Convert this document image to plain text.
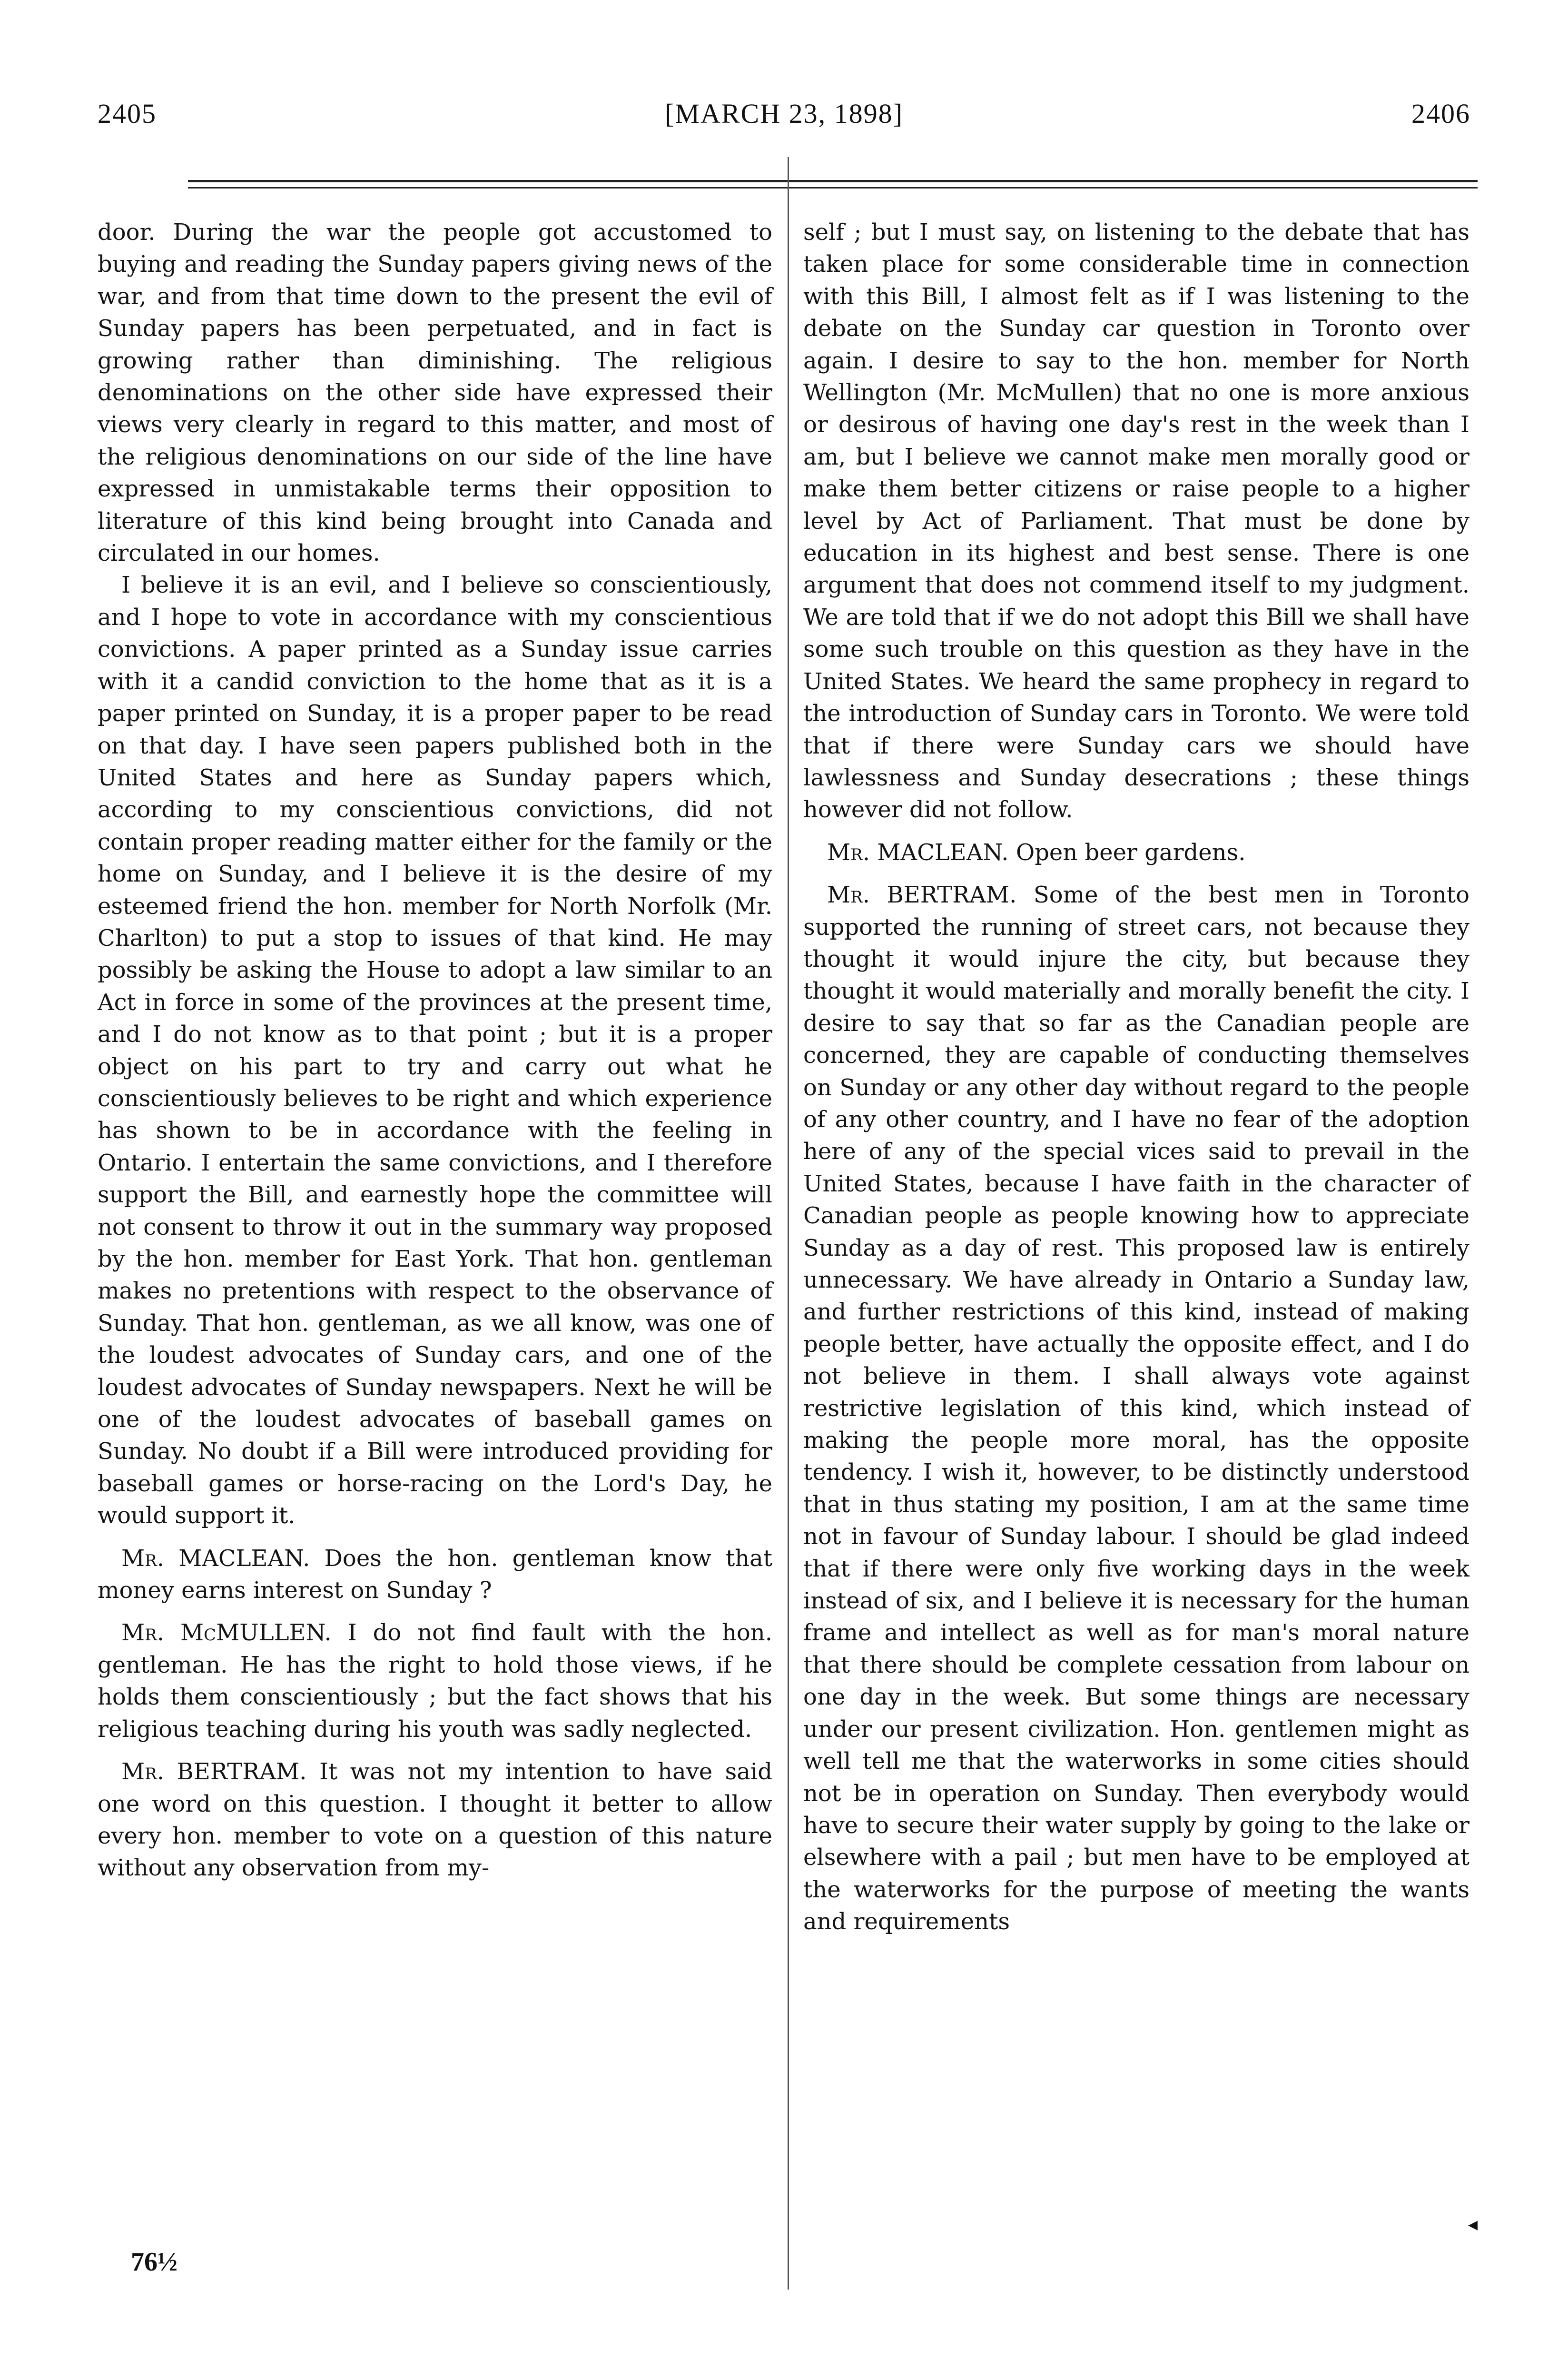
2405	[MARCH 23, 1898]	2406

door. During the war the people got accustomed to buying and reading the Sunday papers giving news of the war, and from that time down to the present the evil of Sunday papers has been perpetuated, and in fact is growing rather than diminishing. The religious denominations on the other side have expressed their views very clearly in regard to this matter, and most of the religious denominations on our side of the line have expressed in unmistakable terms their opposition to literature of this kind being brought into Canada and circulated in our homes.

I believe it is an evil, and I believe so conscientiously, and I hope to vote in accordance with my conscientious convictions. A paper printed as a Sunday issue carries with it a candid conviction to the home that as it is a paper printed on Sunday, it is a proper paper to be read on that day. I have seen papers published both in the United States and here as Sunday papers which, according to my conscientious convictions, did not contain proper reading matter either for the family or the home on Sunday, and I believe it is the desire of my esteemed friend the hon. member for North Norfolk (Mr. Charlton) to put a stop to issues of that kind. He may possibly be asking the House to adopt a law similar to an Act in force in some of the provinces at the present time, and I do not know as to that point ; but it is a proper object on his part to try and carry out what he conscientiously believes to be right and which experience has shown to be in accordance with the feeling in Ontario. I entertain the same convictions, and I therefore support the Bill, and earnestly hope the committee will not consent to throw it out in the summary way proposed by the hon. member for East York. That hon. gentleman makes no pretentions with respect to the observance of Sunday. That hon. gentleman, as we all know, was one of the loudest advocates of Sunday cars, and one of the loudest advocates of Sunday newspapers. Next he will be one of the loudest advocates of baseball games on Sunday. No doubt if a Bill were introduced providing for baseball games or horse-racing on the Lord's Day, he would support it.

Mr. MACLEAN. Does the hon. gentleman know that money earns interest on Sunday ?

Mr. McMULLEN. I do not find fault with the hon. gentleman. He has the right to hold those views, if he holds them conscientiously ; but the fact shows that his religious teaching during his youth was sadly neglected.

Mr. BERTRAM. It was not my intention to have said one word on this question. I thought it better to allow every hon. member to vote on a question of this nature without any observation from my-

self ; but I must say, on listening to the debate that has taken place for some considerable time in connection with this Bill, I almost felt as if I was listening to the debate on the Sunday car question in Toronto over again. I desire to say to the hon. member for North Wellington (Mr. McMullen) that no one is more anxious or desirous of having one day's rest in the week than I am, but I believe we cannot make men morally good or make them better citizens or raise people to a higher level by Act of Parliament. That must be done by education in its highest and best sense. There is one argument that does not commend itself to my judgment. We are told that if we do not adopt this Bill we shall have some such trouble on this question as they have in the United States. We heard the same prophecy in regard to the introduction of Sunday cars in Toronto. We were told that if there were Sunday cars we should have lawlessness and Sunday desecrations ; these things however did not follow.

Mr. MACLEAN. Open beer gardens.

Mr. BERTRAM. Some of the best men in Toronto supported the running of street cars, not because they thought it would injure the city, but because they thought it would materially and morally benefit the city. I desire to say that so far as the Canadian people are concerned, they are capable of conducting themselves on Sunday or any other day without regard to the people of any other country, and I have no fear of the adoption here of any of the special vices said to prevail in the United States, because I have faith in the character of Canadian people as people knowing how to appreciate Sunday as a day of rest. This proposed law is entirely unnecessary. We have already in Ontario a Sunday law, and further restrictions of this kind, instead of making people better, have actually the opposite effect, and I do not believe in them. I shall always vote against restrictive legislation of this kind, which instead of making the people more moral, has the opposite tendency. I wish it, however, to be distinctly understood that in thus stating my position, I am at the same time not in favour of Sunday labour. I should be glad indeed that if there were only five working days in the week instead of six, and I believe it is necessary for the human frame and intellect as well as for man's moral nature that there should be complete cessation from labour on one day in the week. But some things are necessary under our present civilization. Hon. gentlemen might as well tell me that the waterworks in some cities should not be in operation on Sunday. Then everybody would have to secure their water supply by going to the lake or elsewhere with a pail ; but men have to be employed at the waterworks for the purpose of meeting the wants and requirements

76½
◂
